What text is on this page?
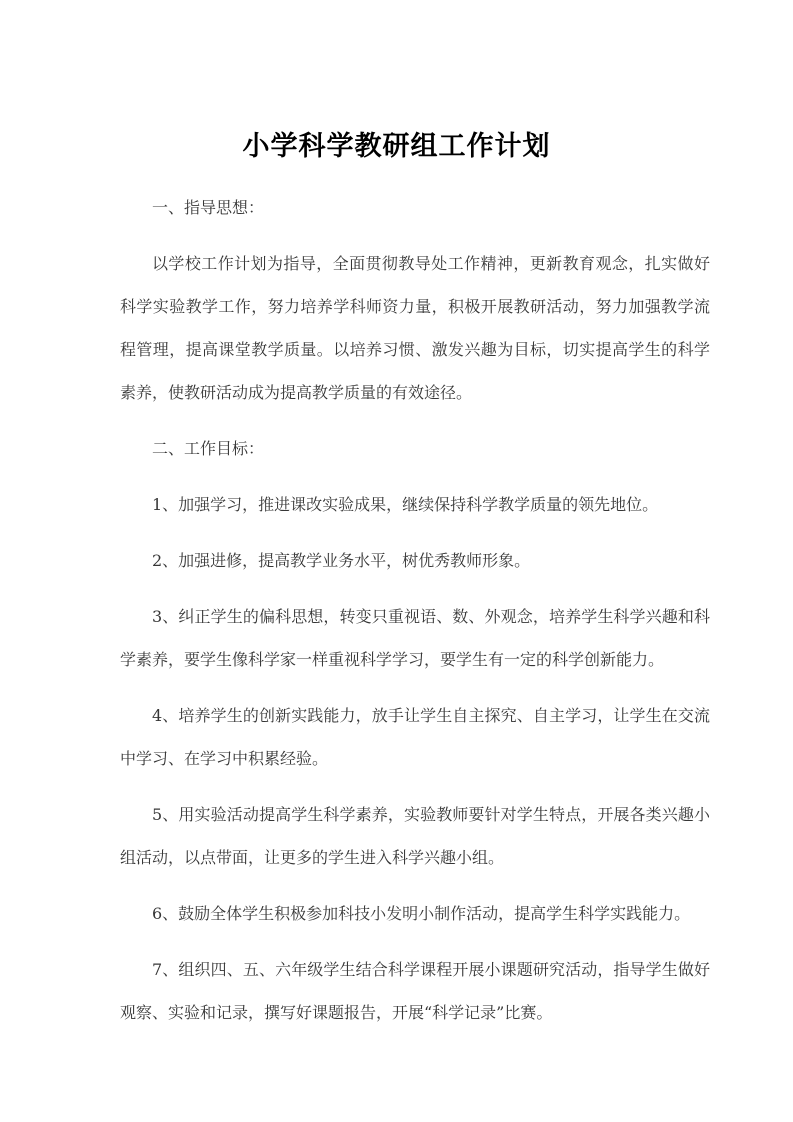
小学科学教研组工作计划

一、指导思想：

以学校工作计划为指导，全面贯彻教导处工作精神，更新教育观念，扎实做好科学实验教学工作，努力培养学科师资力量，积极开展教研活动，努力加强教学流程管理，提高课堂教学质量。以培养习惯、激发兴趣为目标，切实提高学生的科学素养，使教研活动成为提高教学质量的有效途径。

二、工作目标：

1、加强学习，推进课改实验成果，继续保持科学教学质量的领先地位。

2、加强进修，提高教学业务水平，树优秀教师形象。

3、纠正学生的偏科思想，转变只重视语、数、外观念，培养学生科学兴趣和科学素养，要学生像科学家一样重视科学学习，要学生有一定的科学创新能力。

4、培养学生的创新实践能力，放手让学生自主探究、自主学习，让学生在交流中学习、在学习中积累经验。

5、用实验活动提高学生科学素养，实验教师要针对学生特点，开展各类兴趣小组活动，以点带面，让更多的学生进入科学兴趣小组。

6、鼓励全体学生积极参加科技小发明小制作活动，提高学生科学实践能力。

7、组织四、五、六年级学生结合科学课程开展小课题研究活动，指导学生做好观察、实验和记录，撰写好课题报告，开展“科学记录”比赛。
